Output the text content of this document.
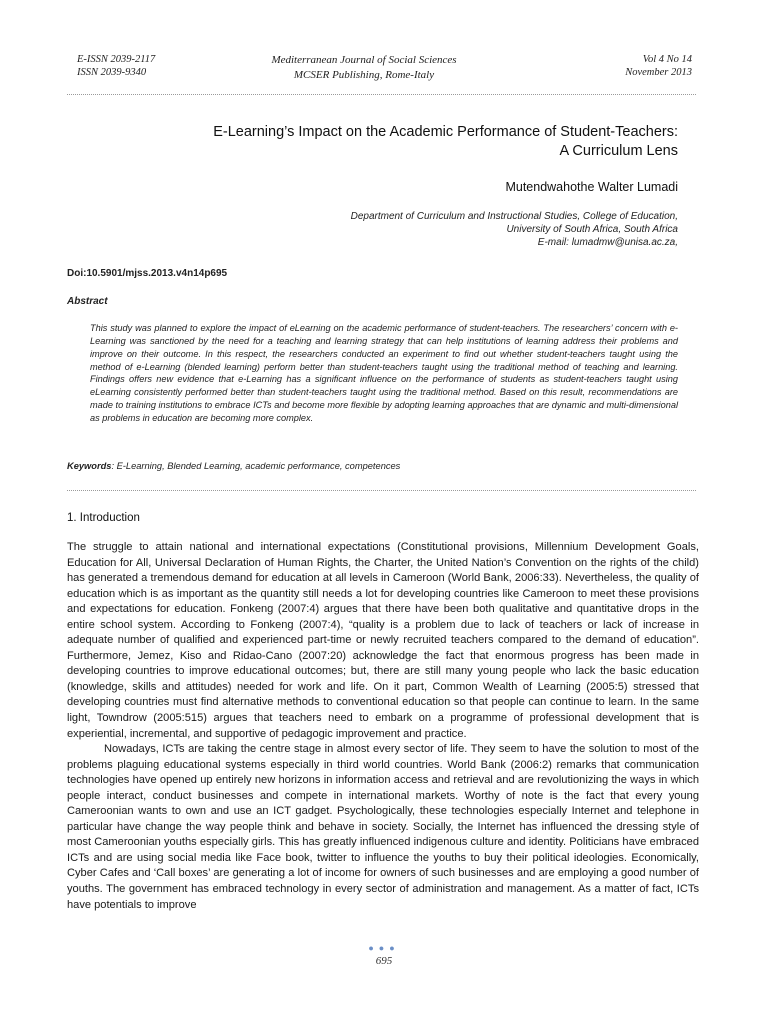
E-ISSN 2039-2117
ISSN 2039-9340
Mediterranean Journal of Social Sciences
MCSER Publishing, Rome-Italy
Vol 4 No 14
November 2013
E-Learning’s Impact on the Academic Performance of Student-Teachers:
A Curriculum Lens
Mutendwahothe Walter Lumadi
Department of Curriculum and Instructional Studies, College of Education,
University of South Africa, South Africa
E-mail: lumadmw@unisa.ac.za,
Doi:10.5901/mjss.2013.v4n14p695
Abstract

This study was planned to explore the impact of eLearning on the academic performance of student-teachers. The researchers’ concern with e-Learning was sanctioned by the need for a teaching and learning strategy that can help institutions of learning address their problems and improve on their outcome. In this respect, the researchers conducted an experiment to find out whether student-teachers taught using the method of e-Learning (blended learning) perform better than student-teachers taught using the traditional method of teaching and learning. Findings offers new evidence that e-Learning has a significant influence on the performance of students as student-teachers taught using eLearning consistently performed better than student-teachers taught using the traditional method. Based on this result, recommendations are made to training institutions to embrace ICTs and become more flexible by adopting learning approaches that are dynamic and multi-dimensional as problems in education are becoming more complex.

Keywords: E-Learning, Blended Learning, academic performance, competences
1. Introduction

The struggle to attain national and international expectations (Constitutional provisions, Millennium Development Goals, Education for All, Universal Declaration of Human Rights, the Charter, the United Nation’s Convention on the rights of the child) has generated a tremendous demand for education at all levels in Cameroon (World Bank, 2006:33). Nevertheless, the quality of education which is as important as the quantity still needs a lot for developing countries like Cameroon to meet these provisions and expectations for education. Fonkeng (2007:4) argues that there have been both qualitative and quantitative drops in the entire school system. According to Fonkeng (2007:4), “quality is a problem due to lack of teachers or lack of increase in adequate number of qualified and experienced part-time or newly recruited teachers compared to the demand of education”. Furthermore, Jemez, Kiso and Ridao-Cano (2007:20) acknowledge the fact that enormous progress has been made in developing countries to improve educational outcomes; but, there are still many young people who lack the basic education (knowledge, skills and attitudes) needed for work and life. On it part, Common Wealth of Learning (2005:5) stressed that developing countries must find alternative methods to conventional education so that people can continue to learn. In the same light, Towndrow (2005:515) argues that teachers need to embark on a programme of professional development that is experiential, incremental, and supportive of pedagogic improvement and practice.

Nowadays, ICTs are taking the centre stage in almost every sector of life. They seem to have the solution to most of the problems plaguing educational systems especially in third world countries. World Bank (2006:2) remarks that communication technologies have opened up entirely new horizons in information access and retrieval and are revolutionizing the ways in which people interact, conduct businesses and compete in international markets. Worthy of note is the fact that every young Cameroonian wants to own and use an ICT gadget. Psychologically, these technologies especially Internet and telephone in particular have change the way people think and behave in society. Socially, the Internet has influenced the dressing style of most Cameroonian youths especially girls. This has greatly influenced indigenous culture and identity. Politicians have embraced ICTs and are using social media like Face book, twitter to influence the youths to buy their political ideologies. Economically, Cyber Cafes and ‘Call boxes’ are generating a lot of income for owners of such businesses and are employing a good number of youths. The government has embraced technology in every sector of administration and management. As a matter of fact, ICTs have potentials to improve

●●●
695
